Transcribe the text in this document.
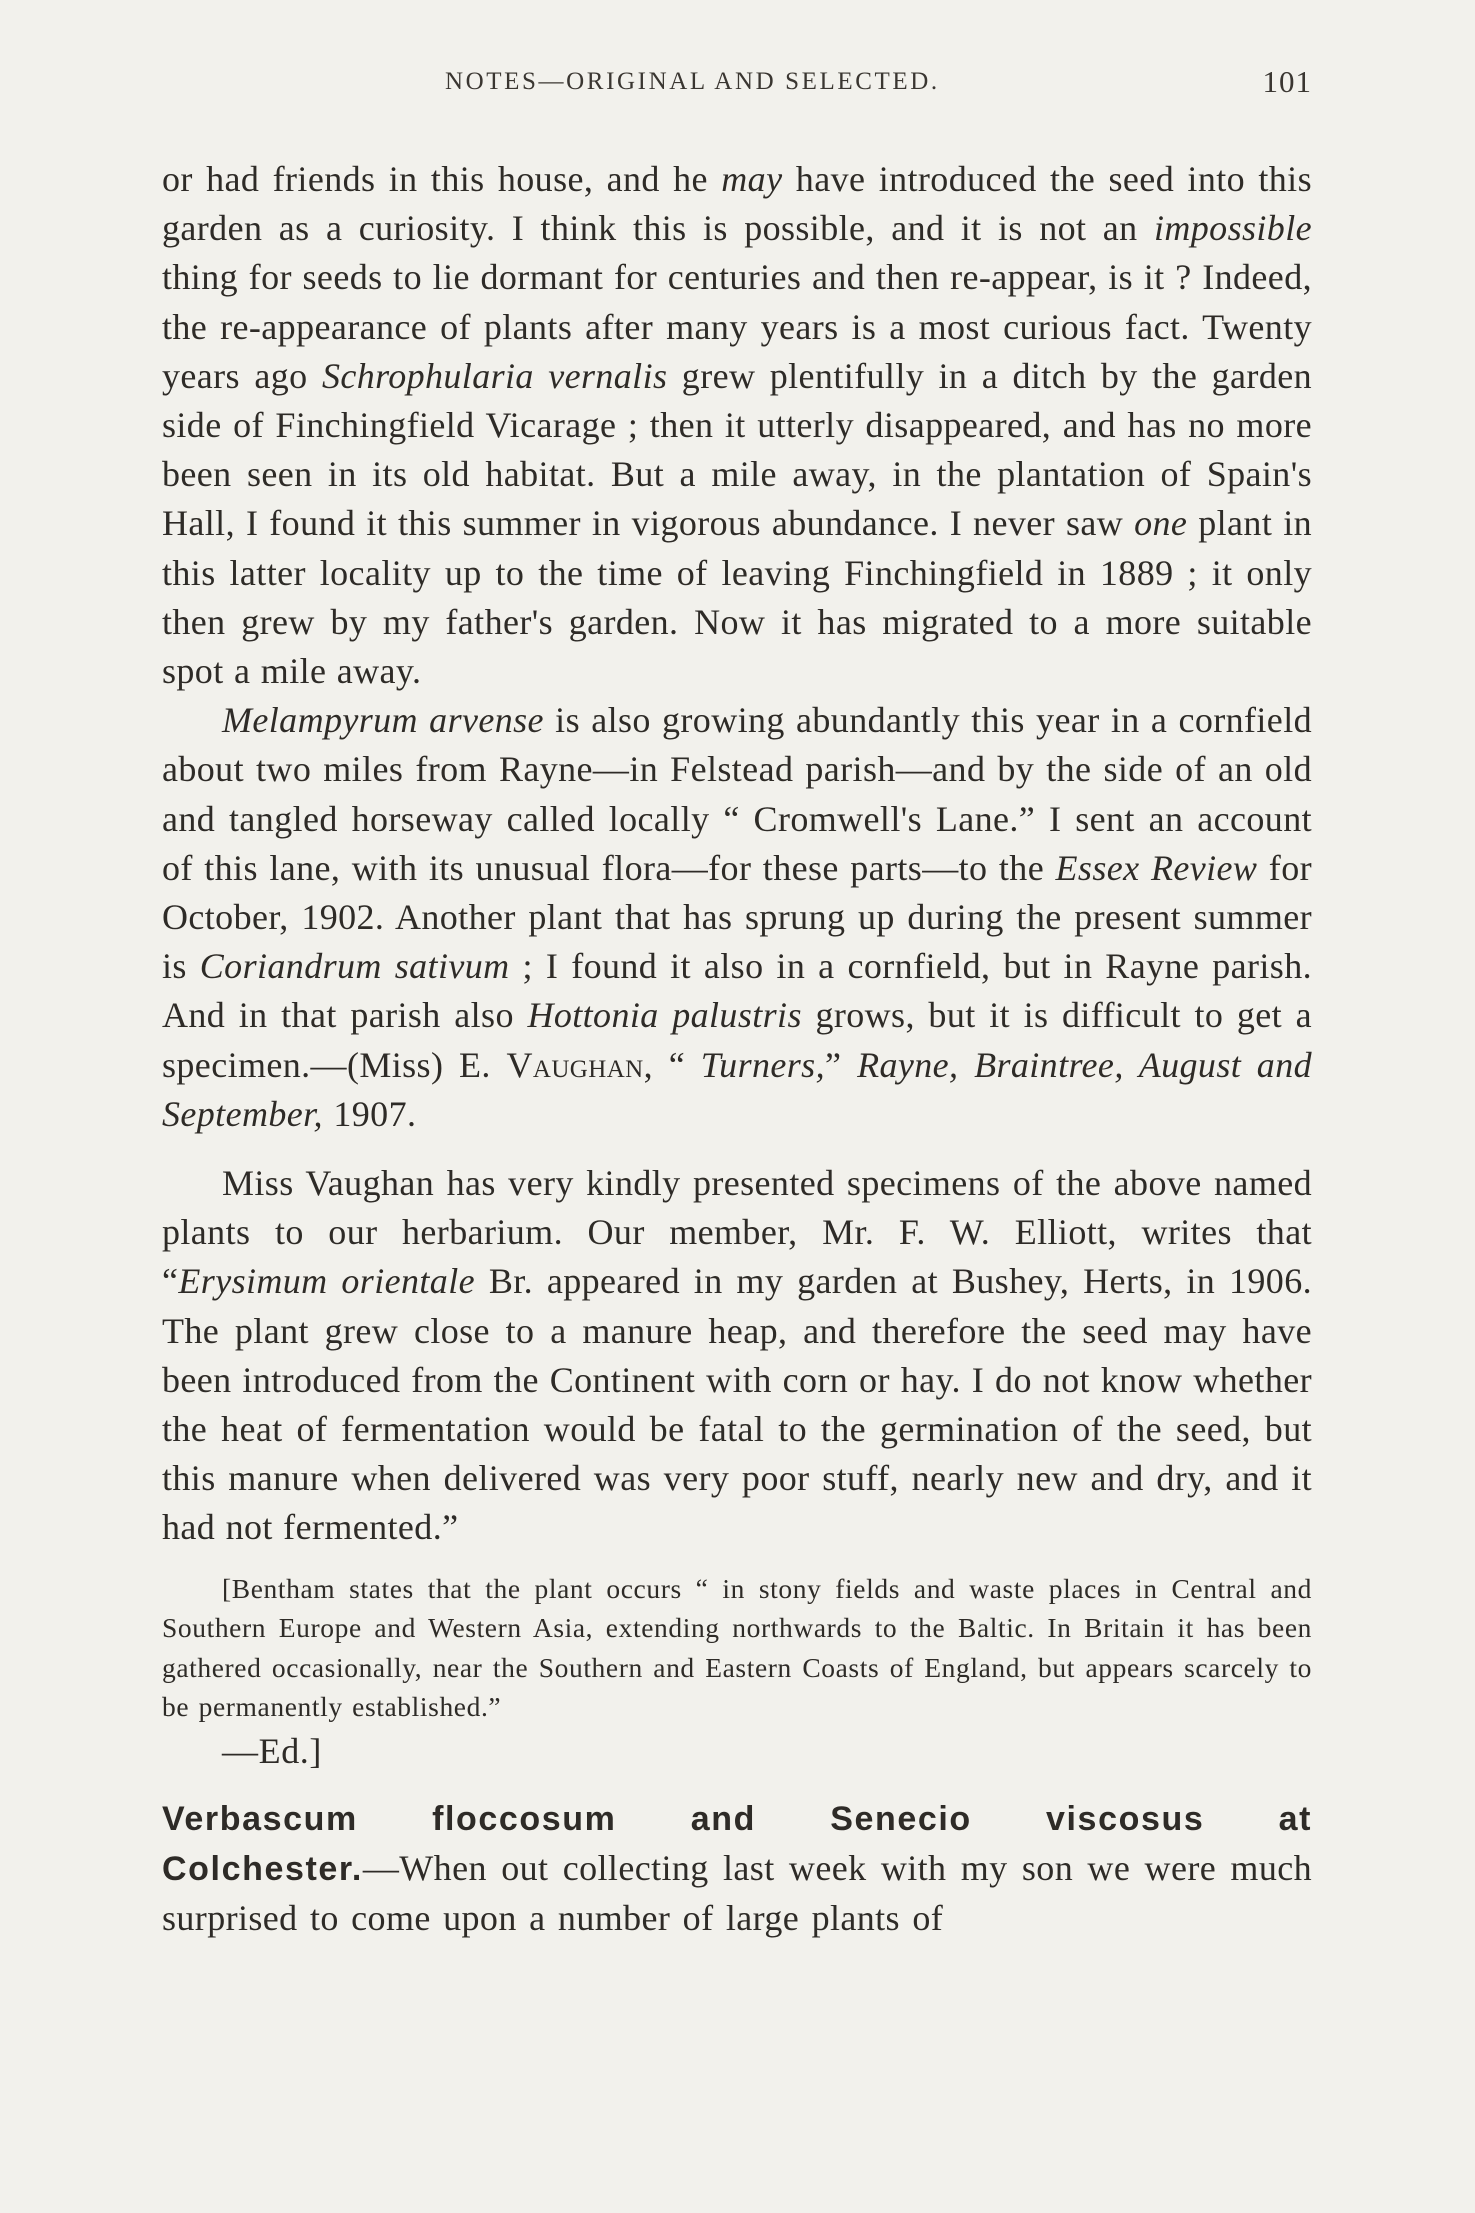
NOTES—ORIGINAL AND SELECTED.	101

or had friends in this house, and he may have introduced the seed into this garden as a curiosity. I think this is possible, and it is not an impossible thing for seeds to lie dormant for centuries and then re-appear, is it ? Indeed, the re-appearance of plants after many years is a most curious fact. Twenty years ago Schrophularia vernalis grew plentifully in a ditch by the garden side of Finchingfield Vicarage ; then it utterly disappeared, and has no more been seen in its old habitat. But a mile away, in the plantation of Spain's Hall, I found it this summer in vigorous abundance. I never saw one plant in this latter locality up to the time of leaving Finchingfield in 1889 ; it only then grew by my father's garden. Now it has migrated to a more suitable spot a mile away.

Melampyrum arvense is also growing abundantly this year in a cornfield about two miles from Rayne—in Felstead parish—and by the side of an old and tangled horseway called locally “ Cromwell's Lane.” I sent an account of this lane, with its unusual flora—for these parts—to the Essex Review for October, 1902. Another plant that has sprung up during the present summer is Coriandrum sativum ; I found it also in a cornfield, but in Rayne parish. And in that parish also Hottonia palustris grows, but it is difficult to get a specimen.—(Miss) E. Vaughan, “ Turners,” Rayne, Braintree, August and September, 1907.

Miss Vaughan has very kindly presented specimens of the above named plants to our herbarium. Our member, Mr. F. W. Elliott, writes that “Erysimum orientale Br. appeared in my garden at Bushey, Herts, in 1906. The plant grew close to a manure heap, and therefore the seed may have been introduced from the Continent with corn or hay. I do not know whether the heat of fermentation would be fatal to the germination of the seed, but this manure when delivered was very poor stuff, nearly new and dry, and it had not fermented.”

[Bentham states that the plant occurs “ in stony fields and waste places in Central and Southern Europe and Western Asia, extending northwards to the Baltic. In Britain it has been gathered occasionally, near the Southern and Eastern Coasts of England, but appears scarcely to be permanently established.”
—Ed.]

Verbascum floccosum and Senecio viscosus at

Colchester.—When out collecting last week with my son we were much surprised to come upon a number of large plants of
